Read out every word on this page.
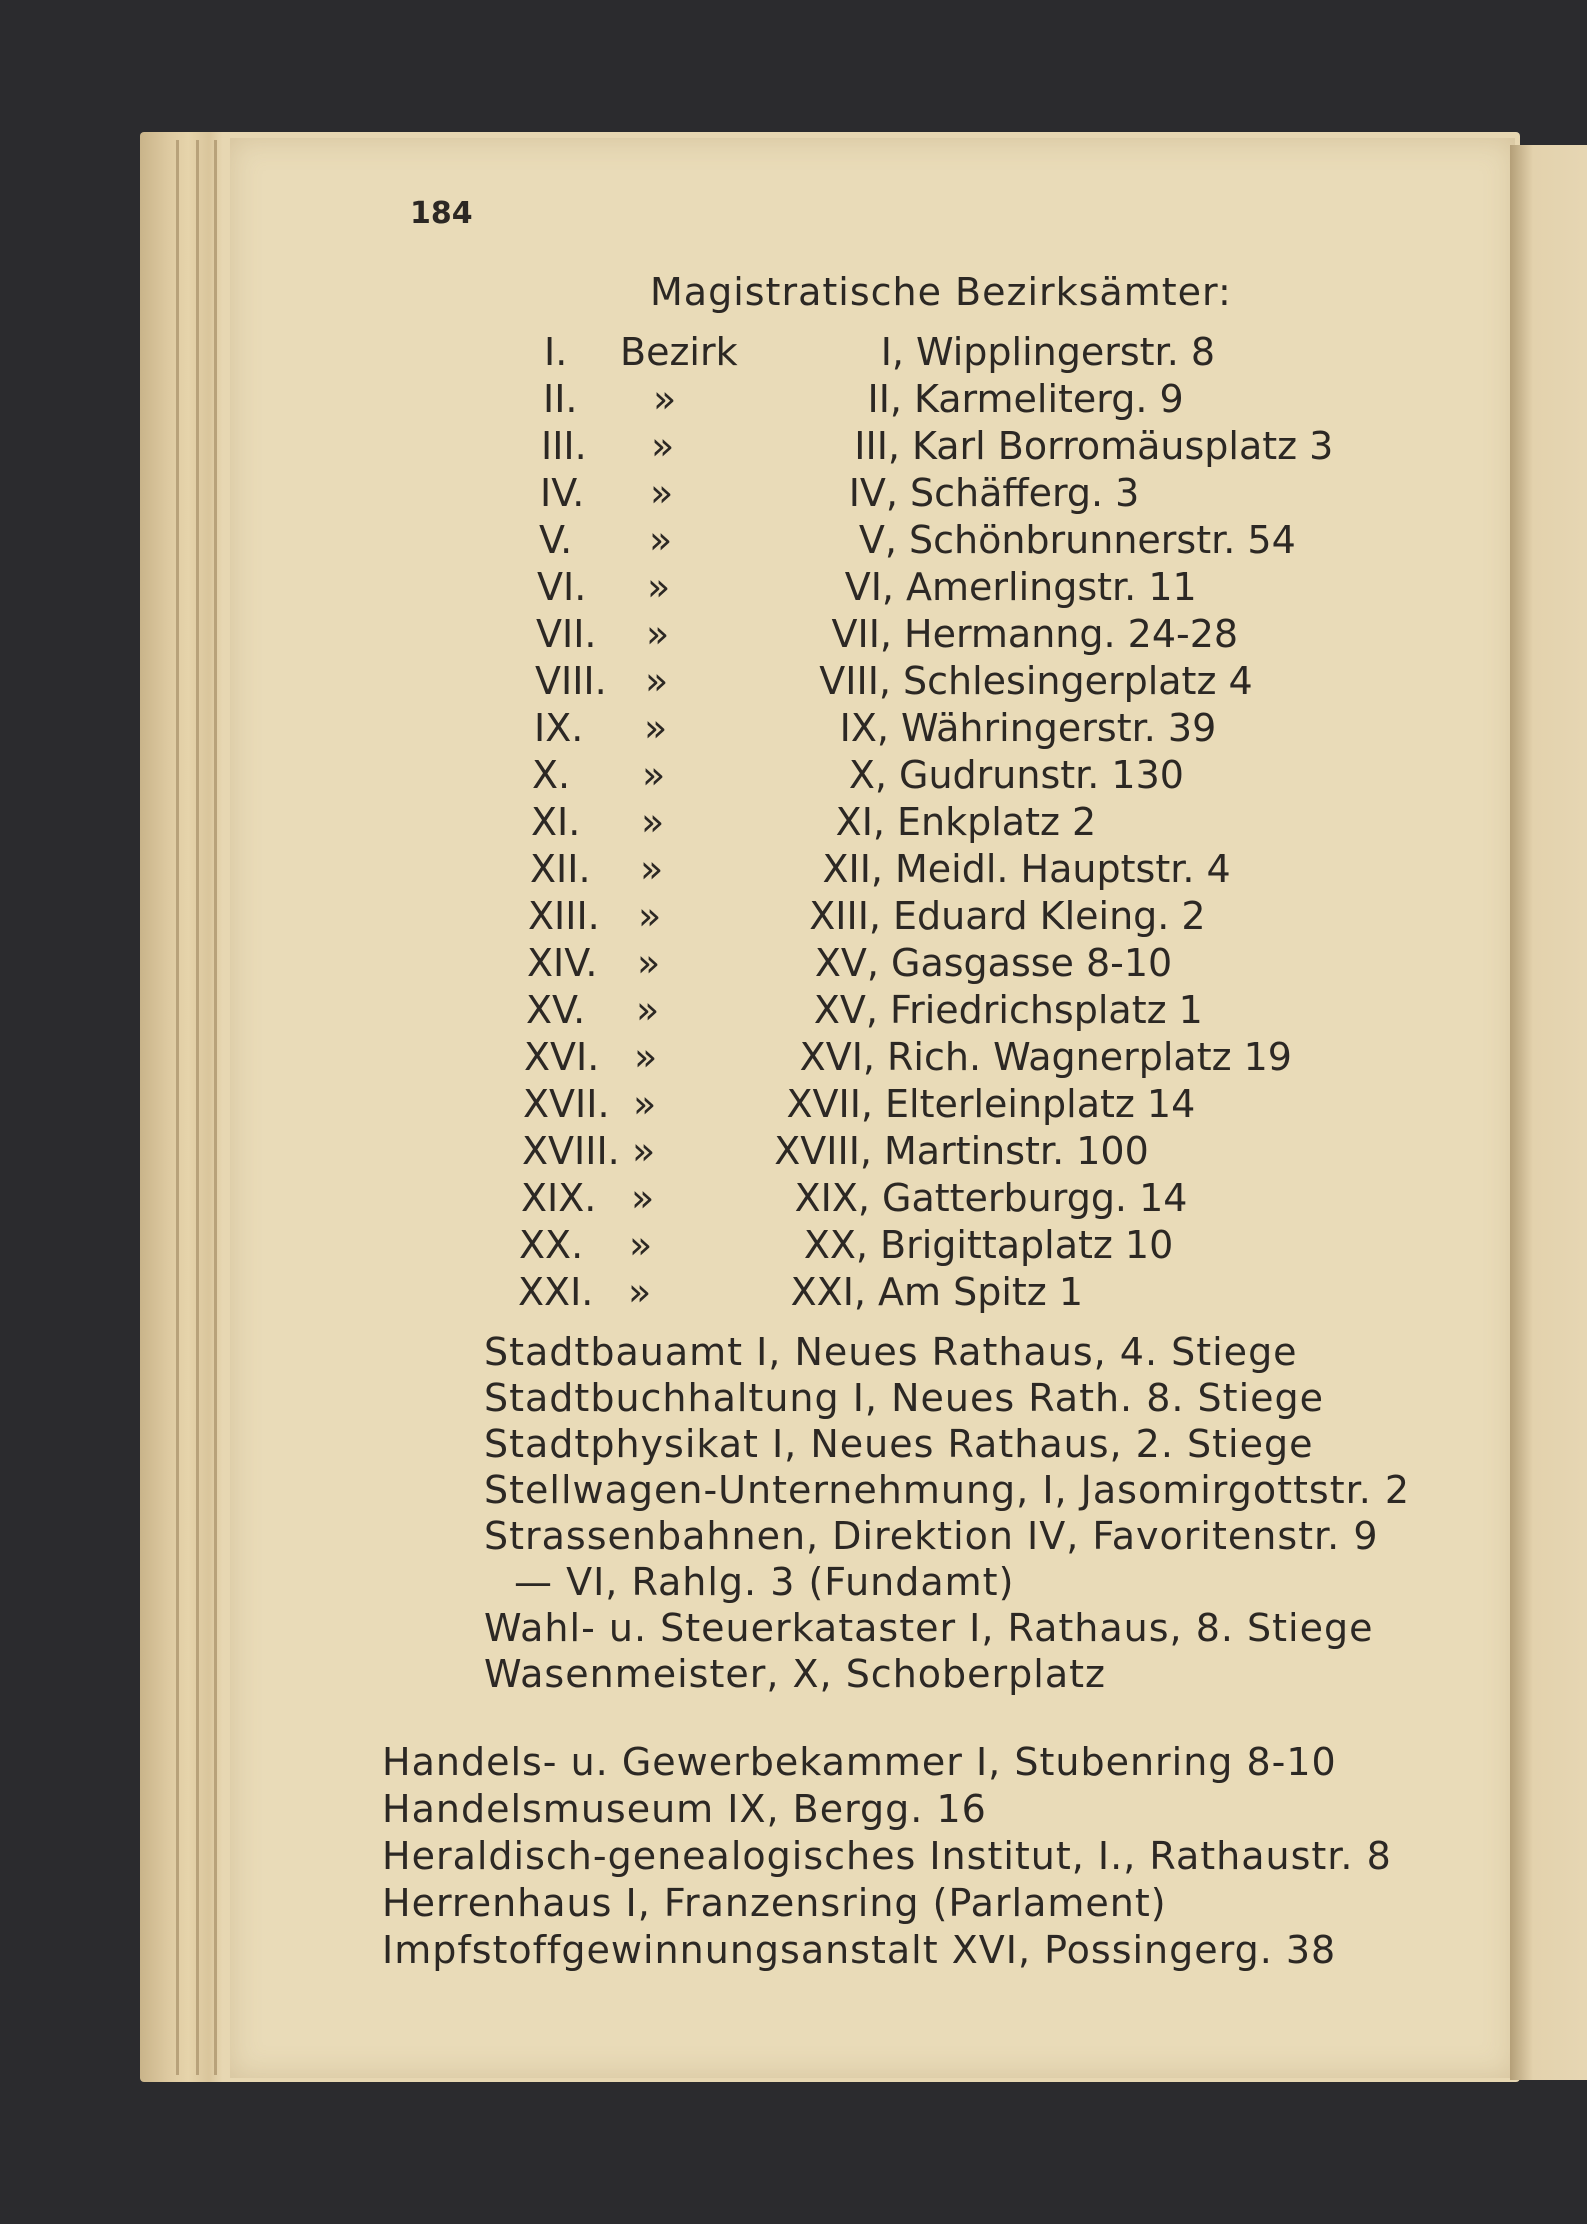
184
Magistratische Bezirksämter:
I. Bezirk	I, Wipplingerstr. 8
II. »	II, Karmeliterg. 9
III. »	III, Karl Borromäusplatz 3
IV. »	IV, Schäfferg. 3
V. »	V, Schönbrunnerstr. 54
VI. »	VI, Amerlingstr. 11
VII. »	VII, Hermanng. 24-28
VIII. »	VIII, Schlesingerplatz 4
IX. »	IX, Währingerstr. 39
X. »	X, Gudrunstr. 130
XI. »	XI, Enkplatz 2
XII. »	XII, Meidl. Hauptstr. 4
XIII. »	XIII, Eduard Kleing. 2
XIV. »	XV, Gasgasse 8-10
XV. »	XV, Friedrichsplatz 1
XVI. »	XVI, Rich. Wagnerplatz 19
XVII. »	XVII, Elterleinplatz 14
XVIII. »	XVIII, Martinstr. 100
XIX. »	XIX, Gatterburgg. 14
XX. »	XX, Brigittaplatz 10
XXI. »	XXI, Am Spitz 1
Stadtbauamt I, Neues Rathaus, 4. Stiege
Stadtbuchhaltung I, Neues Rath. 8. Stiege
Stadtphysikat I, Neues Rathaus, 2. Stiege
Stellwagen-Unternehmung, I, Jasomirgottstr. 2
Strassenbahnen, Direktion IV, Favoritenstr. 9
— VI, Rahlg. 3 (Fundamt)
Wahl- u. Steuerkataster I, Rathaus, 8. Stiege
Wasenmeister, X, Schoberplatz
Handels- u. Gewerbekammer I, Stubenring 8-10
Handelsmuseum IX, Bergg. 16
Heraldisch-genealogisches Institut, I., Rathaustr. 8
Herrenhaus I, Franzensring (Parlament)
Impfstoffgewinnungsanstalt XVI, Possingerg. 38
